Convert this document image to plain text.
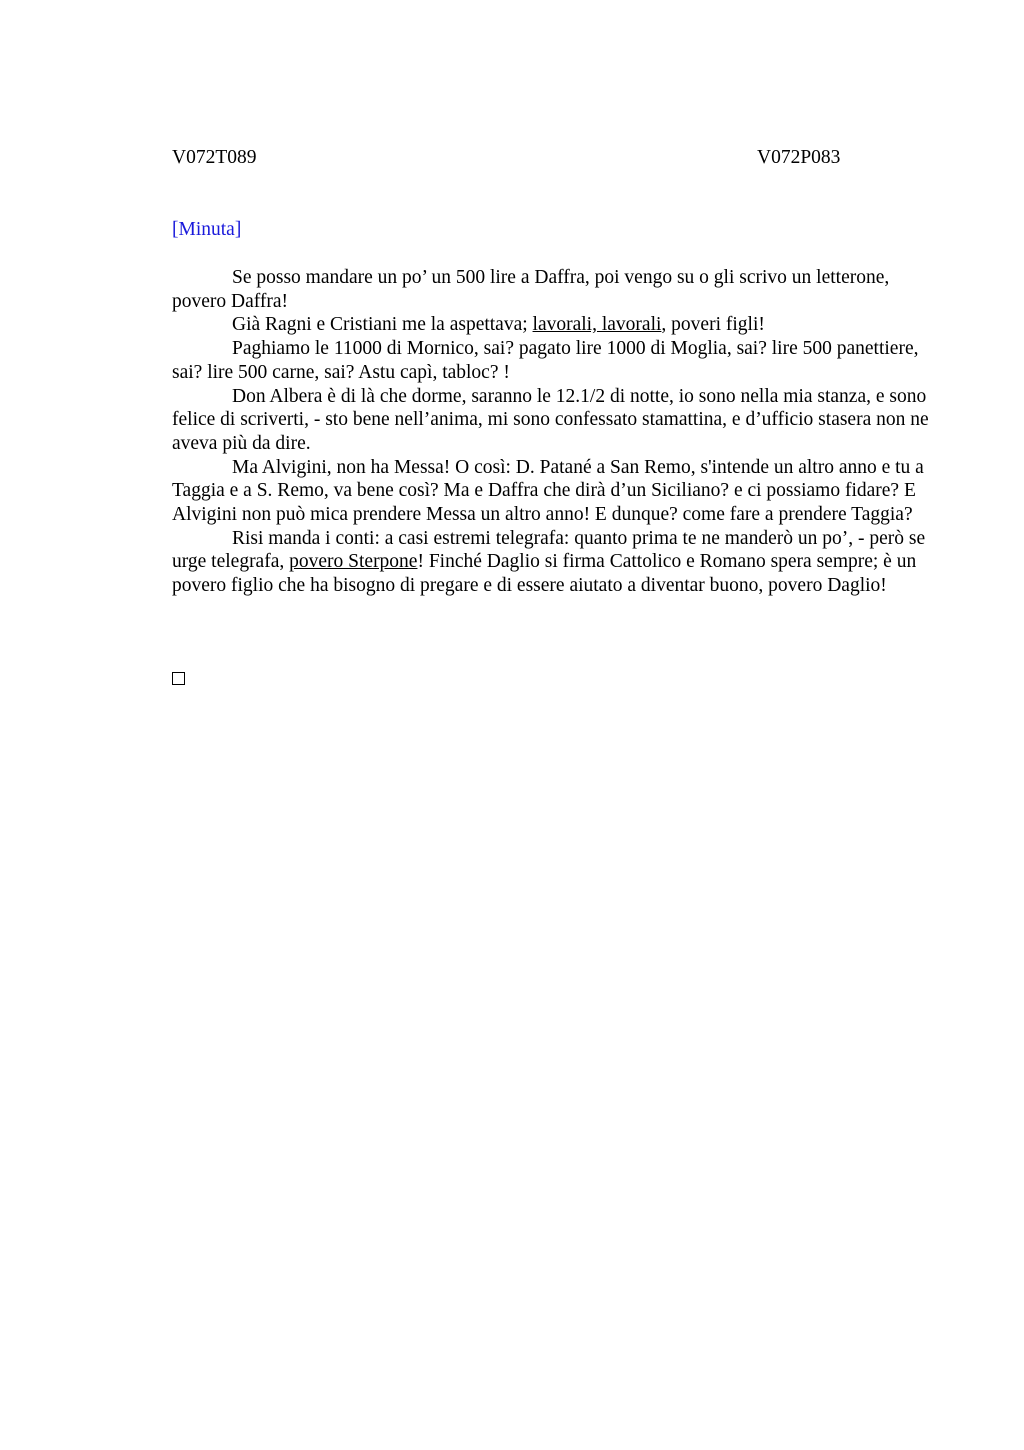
V072T089	V072P083
[Minuta]

Se posso mandare un po’ un 500 lire a Daffra, poi vengo su o gli scrivo un letterone, povero Daffra!

Già Ragni e Cristiani me la aspettava; lavorali, lavorali, poveri figli!

Paghiamo le 11000 di Mornico, sai? pagato lire 1000 di Moglia, sai? lire 500 panettiere, sai? lire 500 carne, sai? Astu capì, tabloc? !

Don Albera è di là che dorme, saranno le 12.1/2 di notte, io sono nella mia stanza, e sono felice di scriverti, - sto bene nell’anima, mi sono confessato stamattina, e d’ufficio stasera non ne aveva più da dire.

Ma Alvigini, non ha Messa! O così: D. Patané a San Remo, s'intende un altro anno e tu a Taggia e a S. Remo, va bene così? Ma e Daffra che dirà d’un Siciliano? e ci possiamo fidare? E Alvigini non può mica prendere Messa un altro anno! E dunque? come fare a prendere Taggia?

Risi manda i conti: a casi estremi telegrafa: quanto prima te ne manderò un po’, - però se urge telegrafa, povero Sterpone! Finché Daglio si firma Cattolico e Romano spera sempre; è un povero figlio che ha bisogno di pregare e di essere aiutato a diventar buono, povero Daglio!
